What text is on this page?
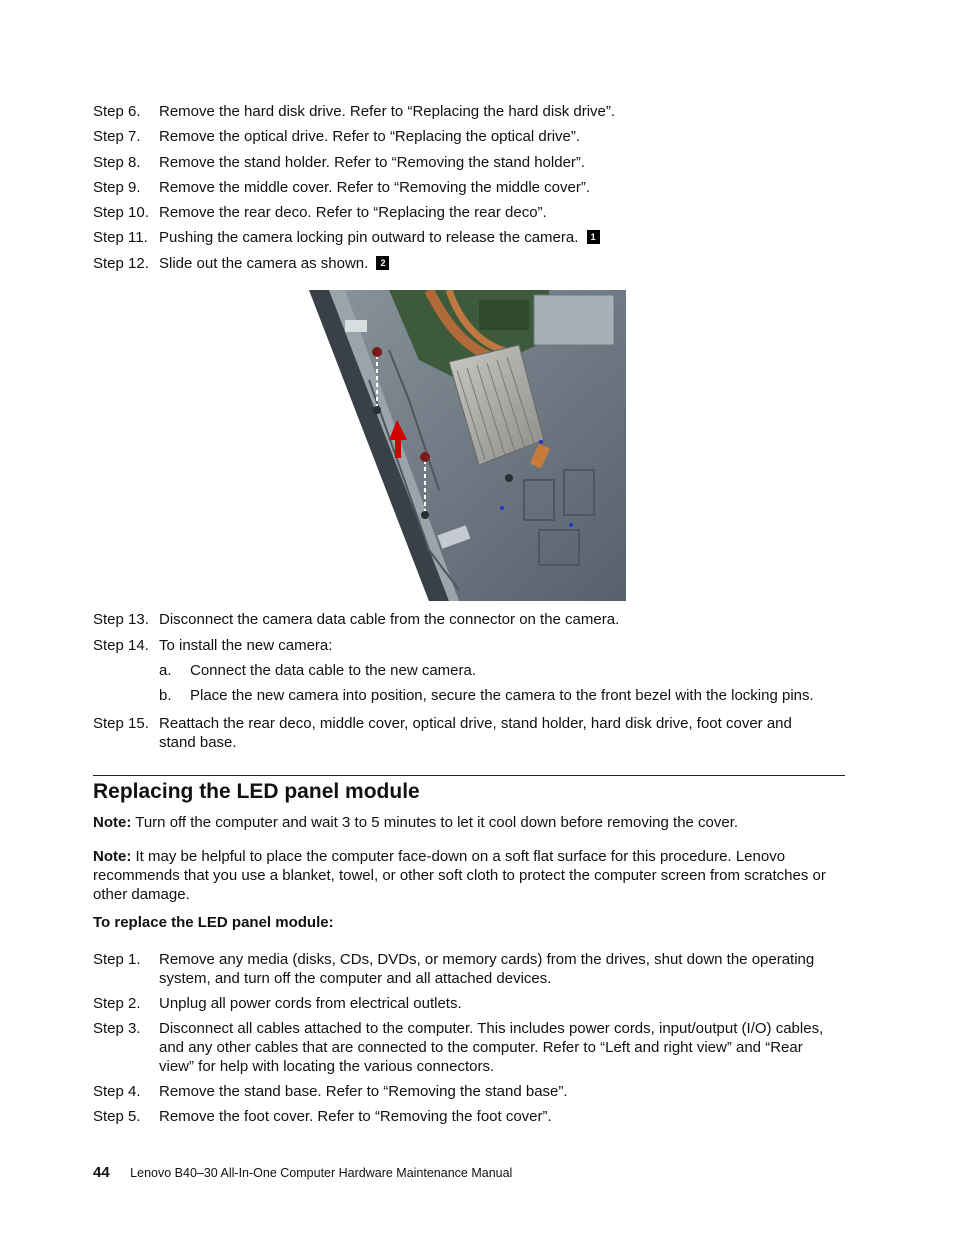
Step 6. Remove the hard disk drive. Refer to “Replacing the hard disk drive”.
Step 7. Remove the optical drive. Refer to “Replacing the optical drive”.
Step 8. Remove the stand holder. Refer to “Removing the stand holder”.
Step 9. Remove the middle cover. Refer to “Removing the middle cover”.
Step 10. Remove the rear deco. Refer to “Replacing the rear deco”.
Step 11. Pushing the camera locking pin outward to release the camera. 1
Step 12. Slide out the camera as shown. 2
Step 13. Disconnect the camera data cable from the connector on the camera.
Step 14. To install the new camera:
a. Connect the data cable to the new camera.
b. Place the new camera into position, secure the camera to the front bezel with the locking pins.
Step 15. Reattach the rear deco, middle cover, optical drive, stand holder, hard disk drive, foot cover and stand base.
Replacing the LED panel module
Note: Turn off the computer and wait 3 to 5 minutes to let it cool down before removing the cover.
Note: It may be helpful to place the computer face-down on a soft flat surface for this procedure. Lenovo recommends that you use a blanket, towel, or other soft cloth to protect the computer screen from scratches or other damage.
To replace the LED panel module:
Step 1. Remove any media (disks, CDs, DVDs, or memory cards) from the drives, shut down the operating system, and turn off the computer and all attached devices.
Step 2. Unplug all power cords from electrical outlets.
Step 3. Disconnect all cables attached to the computer. This includes power cords, input/output (I/O) cables, and any other cables that are connected to the computer. Refer to “Left and right view” and “Rear view” for help with locating the various connectors.
Step 4. Remove the stand base. Refer to “Removing the stand base”.
Step 5. Remove the foot cover. Refer to “Removing the foot cover”.
44 Lenovo B40–30 All-In-One Computer Hardware Maintenance Manual
